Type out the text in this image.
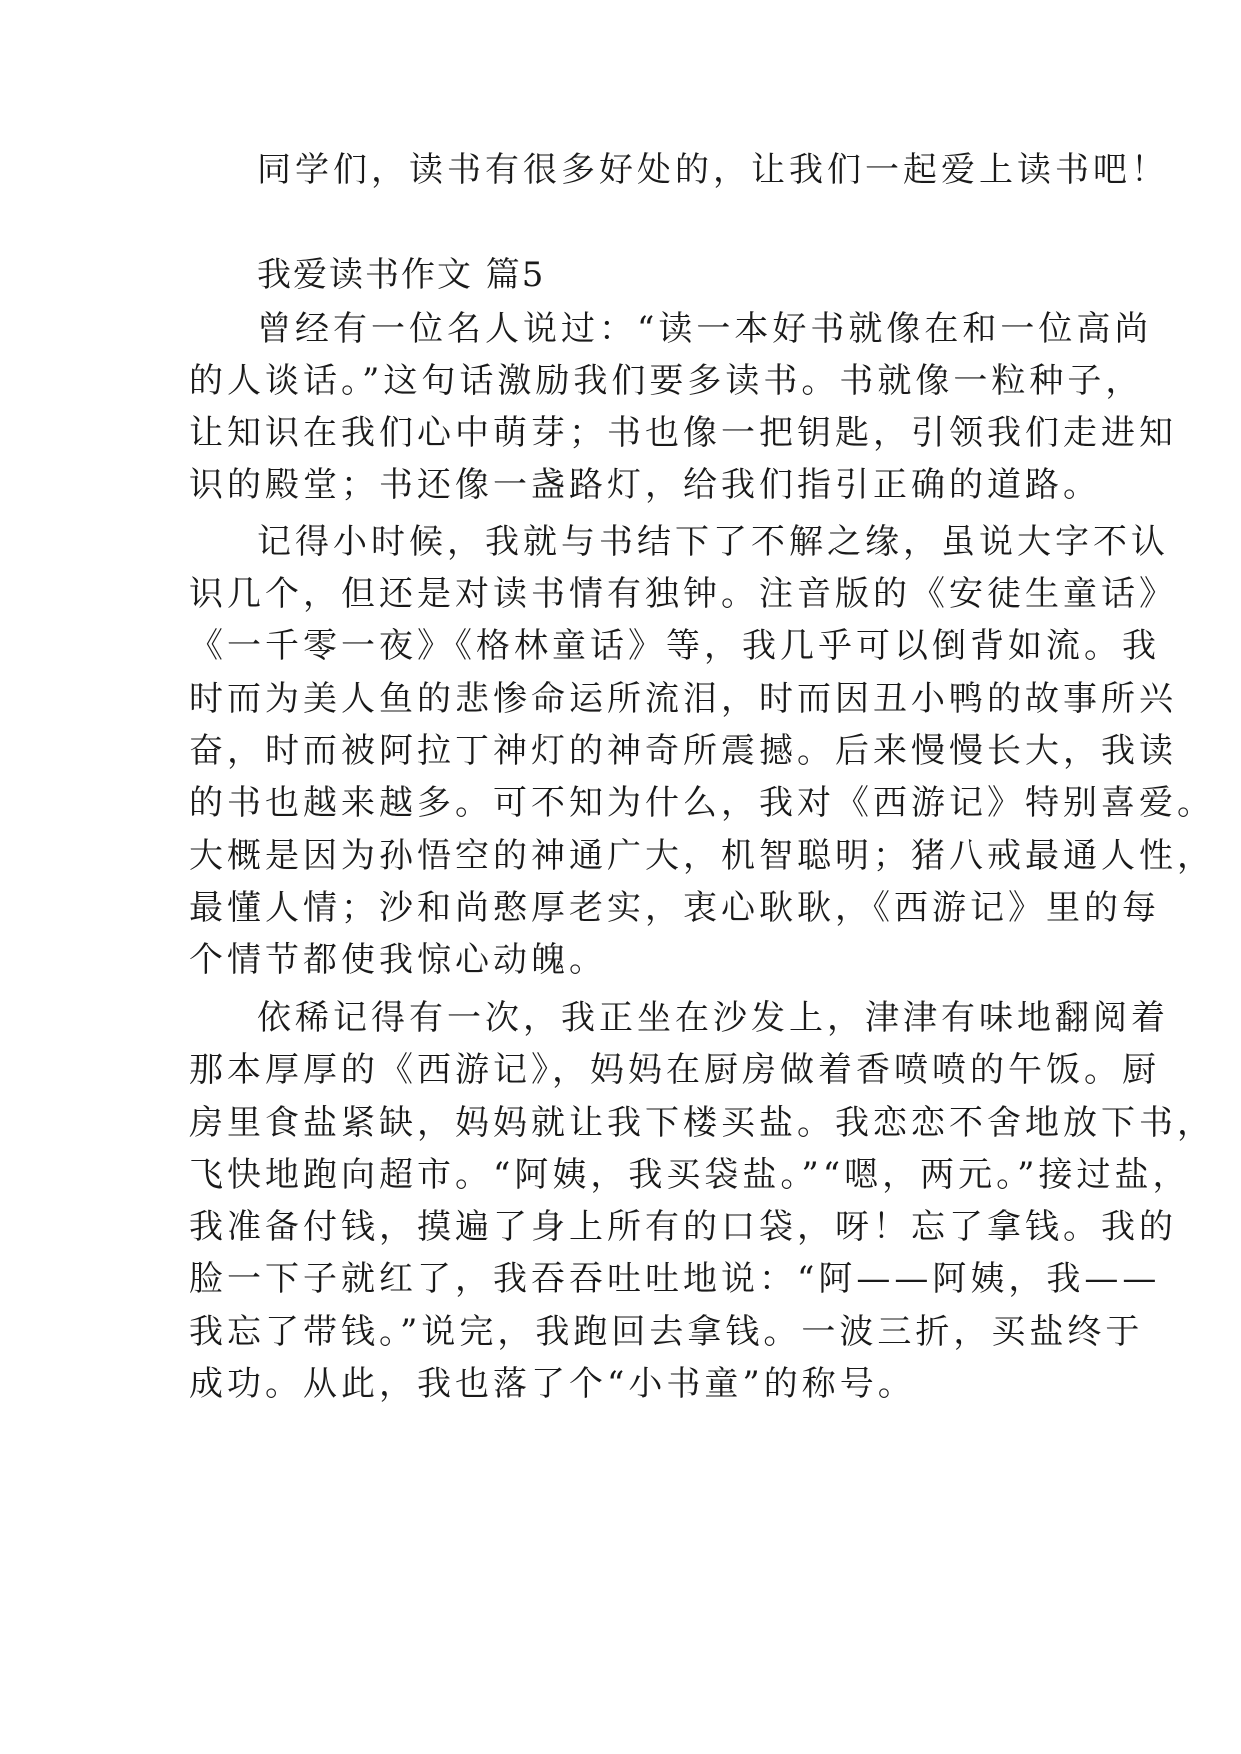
同学们，读书有很多好处的，让我们一起爱上读书吧！
我爱读书作文 篇5
曾经有一位名人说过：“读一本好书就像在和一位高尚
的人谈话。”这句话激励我们要多读书。书就像一粒种子，
让知识在我们心中萌芽；书也像一把钥匙，引领我们走进知
识的殿堂；书还像一盏路灯，给我们指引正确的道路。
记得小时候，我就与书结下了不解之缘，虽说大字不认
识几个，但还是对读书情有独钟。注音版的《安徒生童话》
《一千零一夜》《格林童话》等，我几乎可以倒背如流。我
时而为美人鱼的悲惨命运所流泪，时而因丑小鸭的故事所兴
奋，时而被阿拉丁神灯的神奇所震撼。后来慢慢长大，我读
的书也越来越多。可不知为什么，我对《西游记》特别喜爱。
大概是因为孙悟空的神通广大，机智聪明；猪八戒最通人性，
最懂人情；沙和尚憨厚老实，衷心耿耿，《西游记》里的每
个情节都使我惊心动魄。
依稀记得有一次，我正坐在沙发上，津津有味地翻阅着
那本厚厚的《西游记》，妈妈在厨房做着香喷喷的午饭。厨
房里食盐紧缺，妈妈就让我下楼买盐。我恋恋不舍地放下书，
飞快地跑向超市。“阿姨，我买袋盐。”“嗯，两元。”接过盐，
我准备付钱，摸遍了身上所有的口袋，呀！忘了拿钱。我的
脸一下子就红了，我吞吞吐吐地说：“阿——阿姨，我——
我忘了带钱。”说完，我跑回去拿钱。一波三折，买盐终于
成功。从此，我也落了个“小书童”的称号。
